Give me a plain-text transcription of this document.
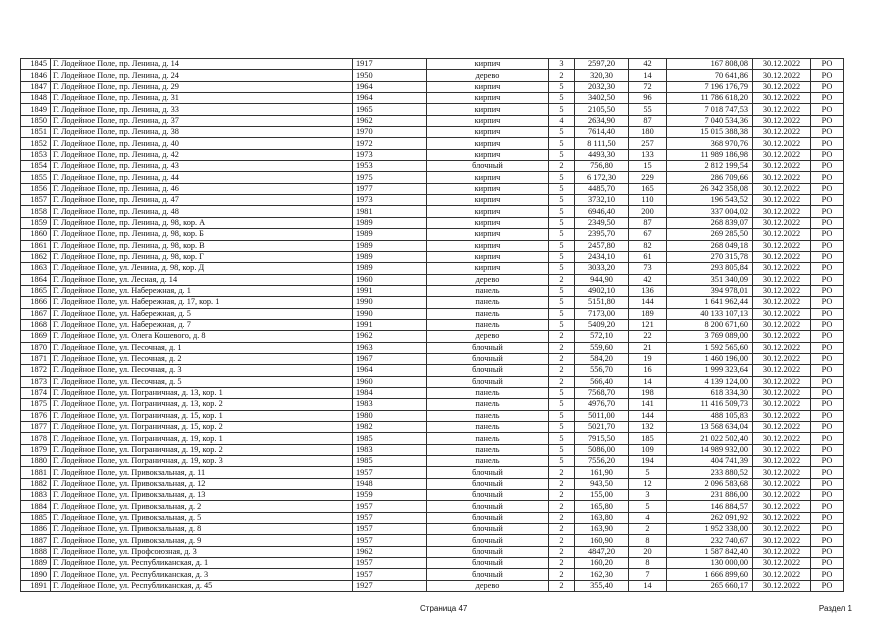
1845	Г. Лодейное Поле, пр. Ленина, д. 14	1917	кирпич	3	2597,20	42	167 808,08	30.12.2022	РО
1846	Г. Лодейное Поле, пр. Ленина, д. 24	1950	дерево	2	320,30	14	70 641,86	30.12.2022	РО
1847	Г. Лодейное Поле, пр. Ленина, д. 29	1964	кирпич	5	2032,30	72	7 196 176,79	30.12.2022	РО
1848	Г. Лодейное Поле, пр. Ленина, д. 31	1964	кирпич	5	3402,50	96	11 786 618,20	30.12.2022	РО
1849	Г. Лодейное Поле, пр. Ленина, д. 33	1965	кирпич	5	2105,50	55	7 018 747,53	30.12.2022	РО
1850	Г. Лодейное Поле, пр. Ленина, д. 37	1962	кирпич	4	2634,90	87	7 040 534,36	30.12.2022	РО
1851	Г. Лодейное Поле, пр. Ленина, д. 38	1970	кирпич	5	7614,40	180	15 015 388,38	30.12.2022	РО
1852	Г. Лодейное Поле, пр. Ленина, д. 40	1972	кирпич	5	8 111,50	257	368 970,76	30.12.2022	РО
1853	Г. Лодейное Поле, пр. Ленина, д. 42	1973	кирпич	5	4493,30	133	11 989 186,98	30.12.2022	РО
1854	Г. Лодейное Поле, пр. Ленина, д. 43	1953	блочный	2	756,80	15	2 812 199,54	30.12.2022	РО
1855	Г. Лодейное Поле, пр. Ленина, д. 44	1975	кирпич	5	6 172,30	229	286 709,66	30.12.2022	РО
1856	Г. Лодейное Поле, пр. Ленина, д. 46	1977	кирпич	5	4485,70	165	26 342 358,08	30.12.2022	РО
1857	Г. Лодейное Поле, пр. Ленина, д. 47	1973	кирпич	5	3732,10	110	196 543,52	30.12.2022	РО
1858	Г. Лодейное Поле, пр. Ленина, д. 48	1981	кирпич	5	6946,40	200	337 004,02	30.12.2022	РО
1859	Г. Лодейное Поле, пр. Ленина, д. 98, кор. А	1989	кирпич	5	2349,50	87	268 839,07	30.12.2022	РО
1860	Г. Лодейное Поле, пр. Ленина, д. 98, кор. Б	1989	кирпич	5	2395,70	67	269 285,50	30.12.2022	РО
1861	Г. Лодейное Поле, пр. Ленина, д. 98, кор. В	1989	кирпич	5	2457,80	82	268 049,18	30.12.2022	РО
1862	Г. Лодейное Поле, пр. Ленина, д. 98, кор. Г	1989	кирпич	5	2434,10	61	270 315,78	30.12.2022	РО
1863	Г. Лодейное Поле, ул. Ленина, д. 98, кор. Д	1989	кирпич	5	3033,20	73	293 805,84	30.12.2022	РО
1864	Г. Лодейное Поле, ул. Лесная, д. 14	1960	дерево	2	944,90	42	351 340,09	30.12.2022	РО
1865	Г. Лодейное Поле, ул. Набережная, д. 1	1991	панель	5	4902,10	136	394 978,01	30.12.2022	РО
1866	Г. Лодейное Поле, ул. Набережная, д. 17, кор. 1	1990	панель	5	5151,80	144	1 641 962,44	30.12.2022	РО
1867	Г. Лодейное Поле, ул. Набережная, д. 5	1990	панель	5	7173,00	189	40 133 107,13	30.12.2022	РО
1868	Г. Лодейное Поле, ул. Набережная, д. 7	1991	панель	5	5409,20	121	8 200 671,60	30.12.2022	РО
1869	Г. Лодейное Поле, ул. Олега Кошевого, д. 8	1962	дерево	2	572,10	22	3 769 089,00	30.12.2022	РО
1870	Г. Лодейное Поле, ул. Песочная, д. 1	1963	блочный	2	559,60	21	1 592 565,60	30.12.2022	РО
1871	Г. Лодейное Поле, ул. Песочная, д. 2	1967	блочный	2	584,20	19	1 460 196,00	30.12.2022	РО
1872	Г. Лодейное Поле, ул. Песочная, д. 3	1964	блочный	2	556,70	16	1 999 323,64	30.12.2022	РО
1873	Г. Лодейное Поле, ул. Песочная, д. 5	1960	блочный	2	566,40	14	4 139 124,00	30.12.2022	РО
1874	Г. Лодейное Поле, ул. Пограничная, д. 13, кор. 1	1984	панель	5	7568,70	198	618 334,30	30.12.2022	РО
1875	Г. Лодейное Поле, ул. Пограничная, д. 13, кор. 2	1983	панель	5	4976,70	141	11 416 509,73	30.12.2022	РО
1876	Г. Лодейное Поле, ул. Пограничная, д. 15, кор. 1	1980	панель	5	5011,00	144	488 105,83	30.12.2022	РО
1877	Г. Лодейное Поле, ул. Пограничная, д. 15, кор. 2	1982	панель	5	5021,70	132	13 568 634,04	30.12.2022	РО
1878	Г. Лодейное Поле, ул. Пограничная, д. 19, кор. 1	1985	панель	5	7915,50	185	21 022 502,40	30.12.2022	РО
1879	Г. Лодейное Поле, ул. Пограничная, д. 19, кор. 2	1983	панель	5	5086,00	109	14 989 932,00	30.12.2022	РО
1880	Г. Лодейное Поле, ул. Пограничная, д. 19, кор. 3	1985	панель	5	7556,20	194	404 741,39	30.12.2022	РО
1881	Г. Лодейное Поле, ул. Привокзальная, д. 11	1957	блочный	2	161,90	5	233 880,52	30.12.2022	РО
1882	Г. Лодейное Поле, ул. Привокзальная, д. 12	1948	блочный	2	943,50	12	2 096 583,68	30.12.2022	РО
1883	Г. Лодейное Поле, ул. Привокзальная, д. 13	1959	блочный	2	155,00	3	231 886,00	30.12.2022	РО
1884	Г. Лодейное Поле, ул. Привокзальная, д. 2	1957	блочный	2	165,80	5	146 884,57	30.12.2022	РО
1885	Г. Лодейное Поле, ул. Привокзальная, д. 5	1957	блочный	2	163,80	4	262 091,92	30.12.2022	РО
1886	Г. Лодейное Поле, ул. Привокзальная, д. 8	1957	блочный	2	163,90	2	1 952 338,00	30.12.2022	РО
1887	Г. Лодейное Поле, ул. Привокзальная, д. 9	1957	блочный	2	160,90	8	232 740,67	30.12.2022	РО
1888	Г. Лодейное Поле, ул. Профсоюзная, д. 3	1962	блочный	2	4847,20	20	1 587 842,40	30.12.2022	РО
1889	Г. Лодейное Поле, ул. Республиканская, д. 1	1957	блочный	2	160,20	8	130 000,00	30.12.2022	РО
1890	Г. Лодейное Поле, ул. Республиканская, д. 3	1957	блочный	2	162,30	7	1 666 899,60	30.12.2022	РО
1891	Г. Лодейное Поле, ул. Республиканская, д. 45	1927	дерево	2	355,40	14	265 660,17	30.12.2022	РО
Страница 47	Раздел 1
